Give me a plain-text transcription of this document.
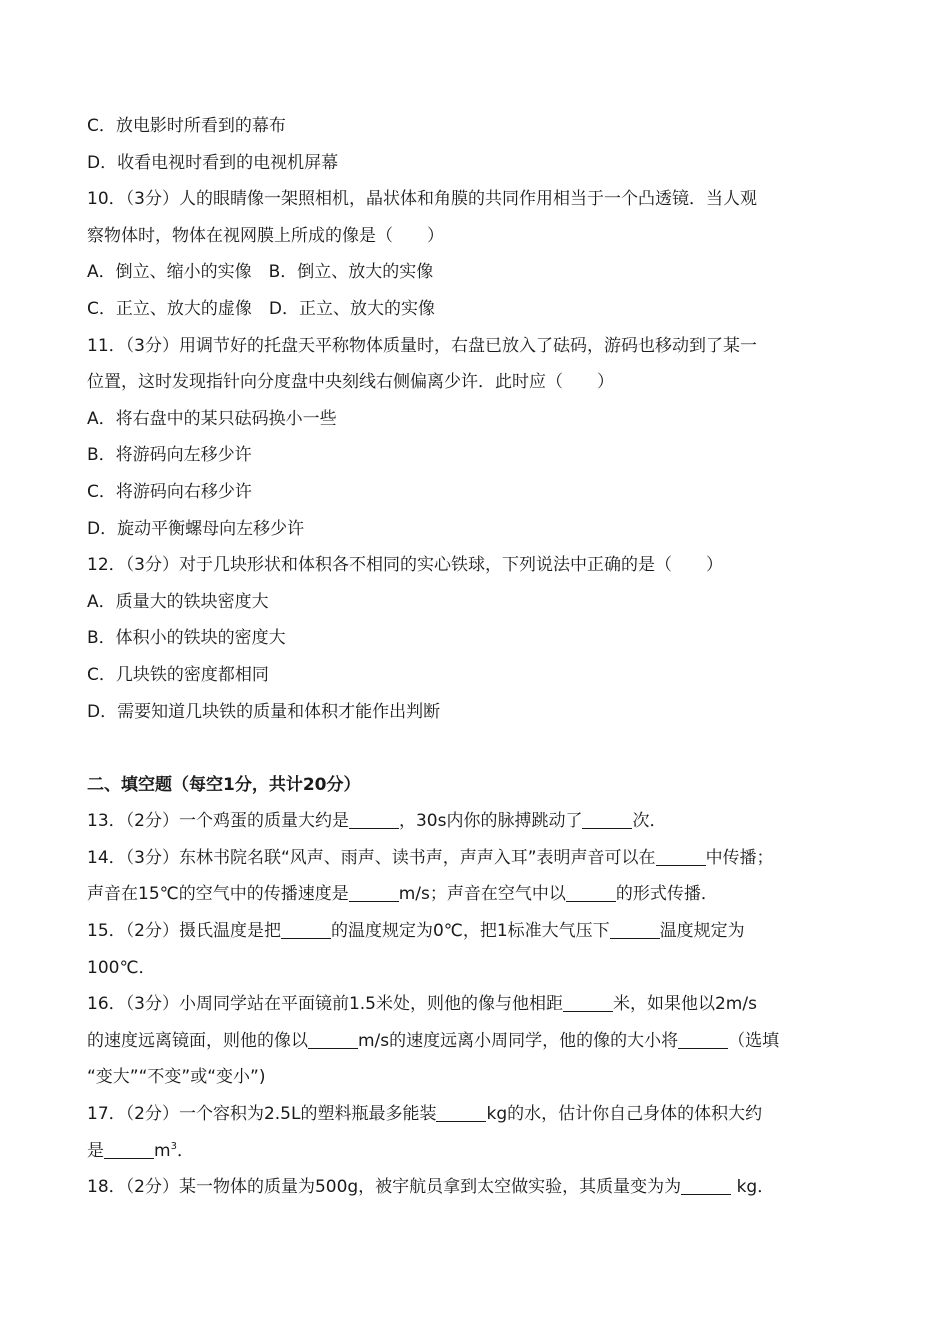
C．放电影时所看到的幕布
D．收看电视时看到的电视机屏幕
10．（3分）人的眼睛像一架照相机，晶状体和角膜的共同作用相当于一个凸透镜．当人观
察物体时，物体在视网膜上所成的像是（　　）
A．倒立、缩小的实像　B．倒立、放大的实像
C．正立、放大的虚像　D．正立、放大的实像
11．（3分）用调节好的托盘天平称物体质量时，右盘已放入了砝码，游码也移动到了某一
位置，这时发现指针向分度盘中央刻线右侧偏离少许．此时应（　　）
A．将右盘中的某只砝码换小一些
B．将游码向左移少许
C．将游码向右移少许
D．旋动平衡螺母向左移少许
12．（3分）对于几块形状和体积各不相同的实心铁球，下列说法中正确的是（　　）
A．质量大的铁块密度大
B．体积小的铁块的密度大
C．几块铁的密度都相同
D．需要知道几块铁的质量和体积才能作出判断
二、填空题（每空1分，共计20分）
13．（2分）一个鸡蛋的质量大约是	，30s内你的脉搏跳动了	次．
14．（3分）东林书院名联“风声、雨声、读书声，声声入耳”表明声音可以在	中传播；
声音在15℃的空气中的传播速度是	m/s；声音在空气中以	的形式传播．
15．（2分）摄氏温度是把	的温度规定为0℃，把1标准大气压下	温度规定为
100℃．
16．（3分）小周同学站在平面镜前1.5米处，则他的像与他相距	米，如果他以2m/s
的速度远离镜面，则他的像以	m/s的速度远离小周同学，他的像的大小将	（选填
“变大”“不变”或“变小”)
17．（2分）一个容积为2.5L的塑料瓶最多能装	kg的水，估计你自己身体的体积大约
是	$m^3$．
18．（2分）某一物体的质量为500g，被宇航员拿到太空做实验，其质量变为为	kg．
